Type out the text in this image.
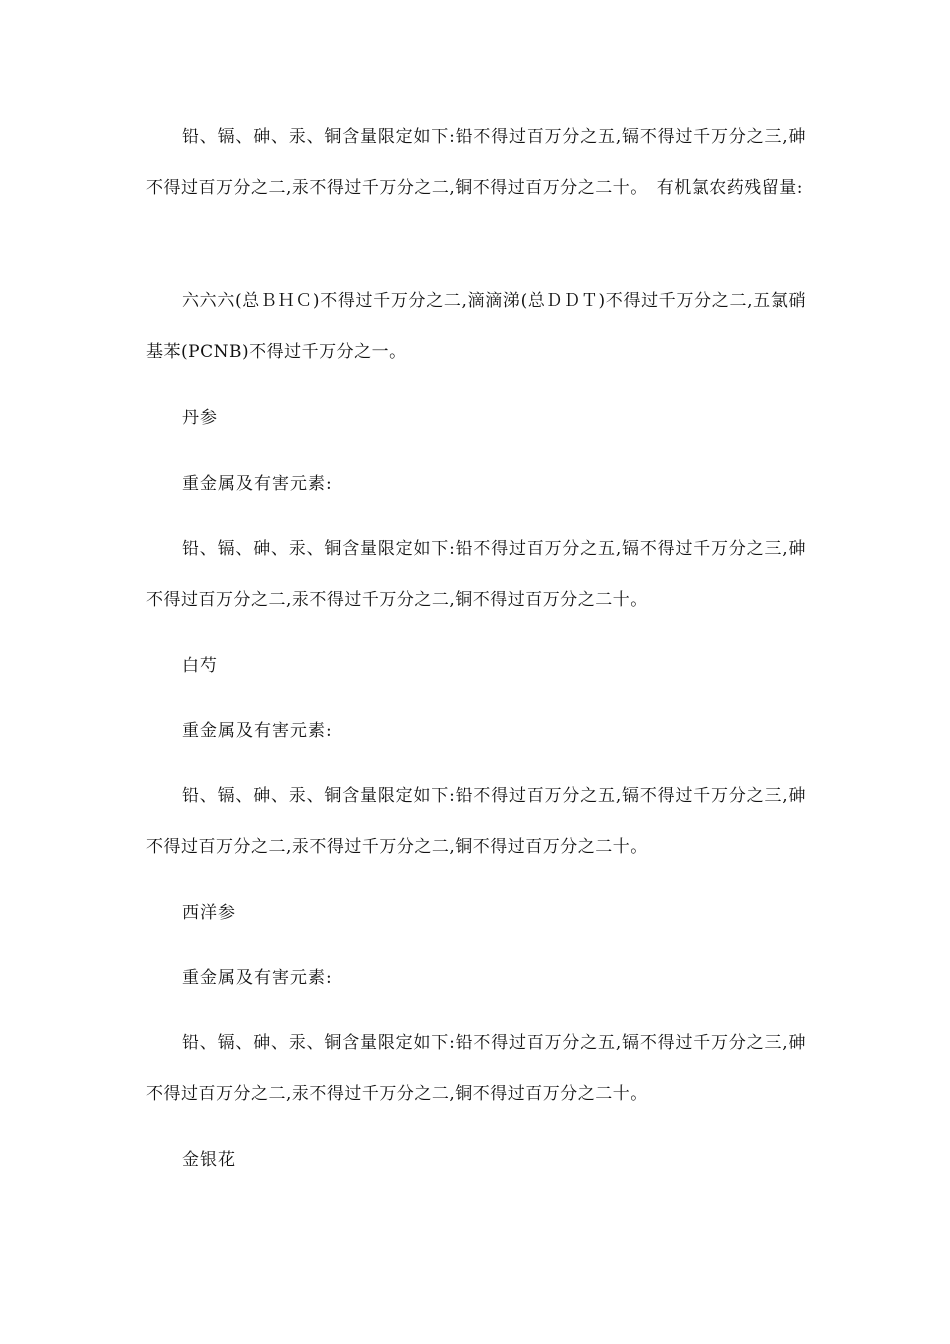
铅、镉、砷、汞、铜含量限定如下:铅不得过百万分之五,镉不得过千万分之三,砷不得过百万分之二,汞不得过千万分之二,铜不得过百万分之二十。　有机氯农药残留量:

六六六(总ＢＨＣ)不得过千万分之二,滴滴涕(总ＤＤＴ)不得过千万分之二,五氯硝基苯(PCNB)不得过千万分之一。

丹参

重金属及有害元素:

铅、镉、砷、汞、铜含量限定如下:铅不得过百万分之五,镉不得过千万分之三,砷不得过百万分之二,汞不得过千万分之二,铜不得过百万分之二十。

白芍

重金属及有害元素:

铅、镉、砷、汞、铜含量限定如下:铅不得过百万分之五,镉不得过千万分之三,砷不得过百万分之二,汞不得过千万分之二,铜不得过百万分之二十。

西洋参

重金属及有害元素:

铅、镉、砷、汞、铜含量限定如下:铅不得过百万分之五,镉不得过千万分之三,砷不得过百万分之二,汞不得过千万分之二,铜不得过百万分之二十。

金银花
